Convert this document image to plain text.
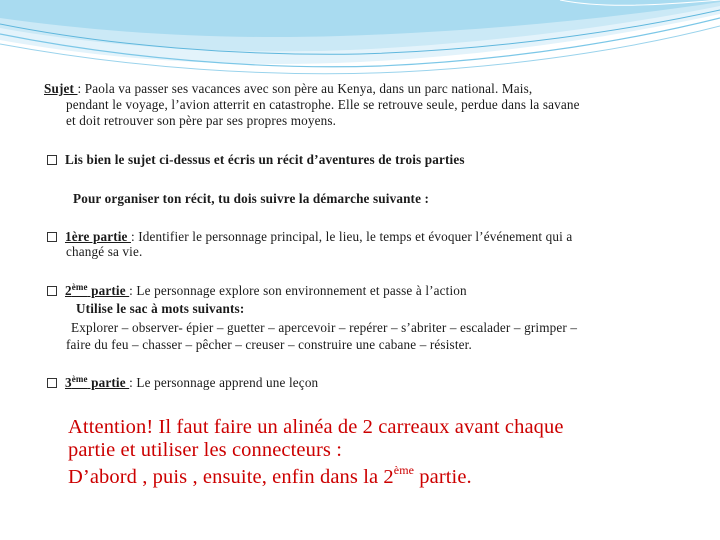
Sujet : Paola va passer ses vacances avec son père au Kenya, dans un parc national. Mais,
pendant le voyage, l’avion atterrit en catastrophe. Elle se retrouve seule, perdue dans la savane
et doit retrouver son père par ses propres moyens.
Lis bien le sujet ci-dessus et écris un récit d’aventures de trois parties
Pour organiser ton récit, tu dois suivre la démarche suivante :
1ère partie : Identifier le personnage principal, le lieu, le temps et évoquer l’événement qui a
changé sa vie.
2ème partie : Le personnage explore son environnement et passe à l’action
Utilise le sac à mots suivants:
Explorer – observer- épier – guetter – apercevoir – repérer – s’abriter – escalader – grimper –
faire du feu – chasser – pêcher – creuser – construire une cabane – résister.
3ème partie : Le personnage apprend une leçon
Attention! Il faut faire un alinéa de 2 carreaux avant chaque
partie et utiliser les connecteurs :
D’abord , puis , ensuite, enfin dans la 2ème partie.
